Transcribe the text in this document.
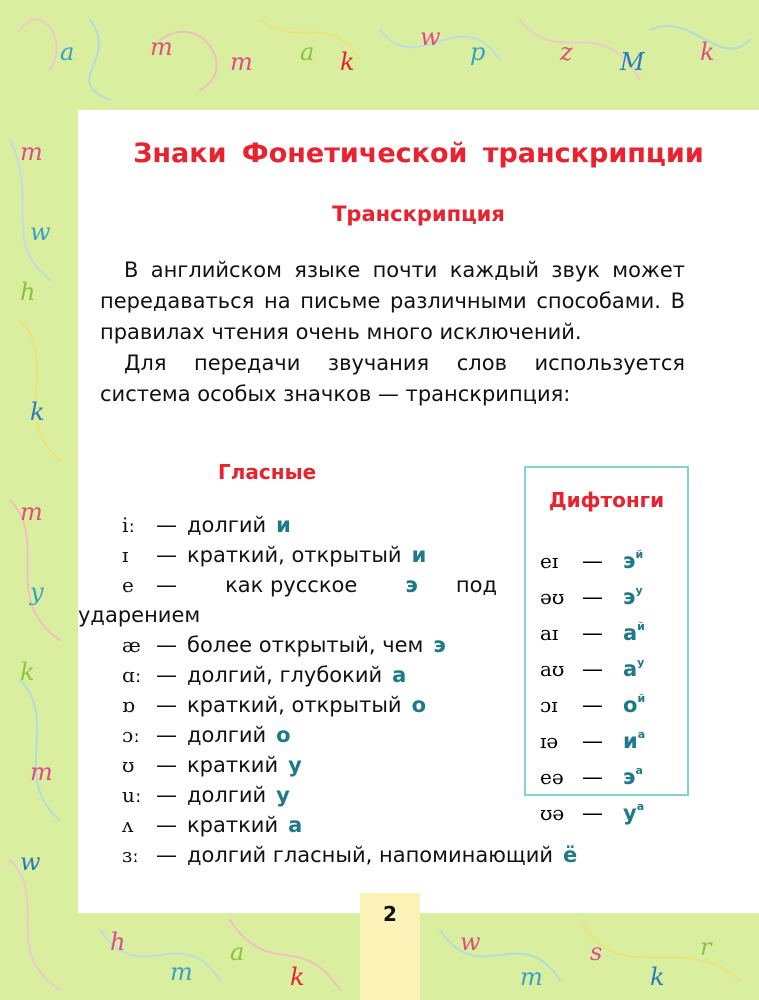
a	m
m a k
w
p	z M k
m
w
h
k
m
y
k
m
w
h
m
a
k
w
m
s
k
r
Знаки Фонетической транскрипции
Транскрипция

В английском языке почти каждый звук может передаваться на письме различными способами. В правилах чтения очень много исключений.

Для передачи звучания слов используется система особых значков — транскрипция:

Гласные
iː — долгий и
ɪ	— краткий, открытый и
e —	как русское э под
ударением
æ — более открытый, чем э
ɑː — долгий, глубокий а
ɒ	— краткий, открытый о
ɔː — долгий о
ʊ	— краткий у
uː — долгий у
ʌ	— краткий а
ɜː — долгий гласный, напоминающий ё
Дифтонги
eɪ	— $э^й$
əʊ — $э^у$
aɪ	— $а^й$
aʊ — $а^у$
ɔɪ	— $о^й$
ɪə	— $и^а$
eə — $э^а$
ʊə — $у^а$
2
